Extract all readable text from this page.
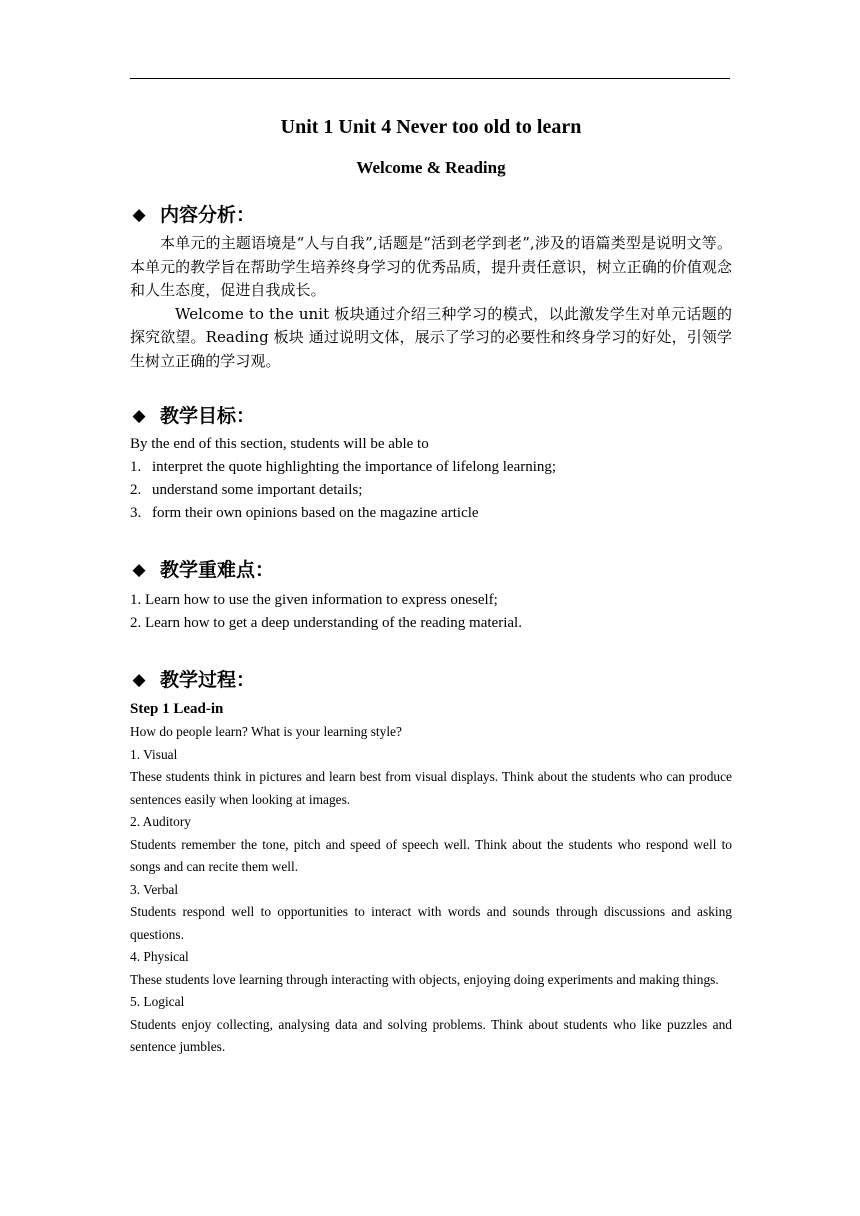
Unit 1 Unit 4 Never too old to learn
Welcome & Reading
◆ 内容分析：

本单元的主题语境是“人与自我”,话题是“活到老学到老”,涉及的语篇类型是说明文等。本单元的教学旨在帮助学生培养终身学习的优秀品质，提升责任意识，树立正确的价值观念和人生态度，促进自我成长。

Welcome to the unit 板块通过介绍三种学习的模式，以此激发学生对单元话题的探究欲望。Reading 板块 通过说明文体，展示了学习的必要性和终身学习的好处，引领学生树立正确的学习观。

◆ 教学目标：

By the end of this section, students will be able to

1. interpret the quote highlighting the importance of lifelong learning;

2. understand some important details;

3. form their own opinions based on the magazine article

◆ 教学重难点：

1. Learn how to use the given information to express oneself;

2. Learn how to get a deep understanding of the reading material.

◆ 教学过程：

Step 1 Lead-in

How do people learn? What is your learning style?

1. Visual

These students think in pictures and learn best from visual displays. Think about the students who can produce sentences easily when looking at images.

2. Auditory

Students remember the tone, pitch and speed of speech well. Think about the students who respond well to songs and can recite them well.

3. Verbal

Students respond well to opportunities to interact with words and sounds through discussions and asking questions.

4. Physical

These students love learning through interacting with objects, enjoying doing experiments and making things.

5. Logical

Students enjoy collecting, analysing data and solving problems. Think about students who like puzzles and sentence jumbles.
